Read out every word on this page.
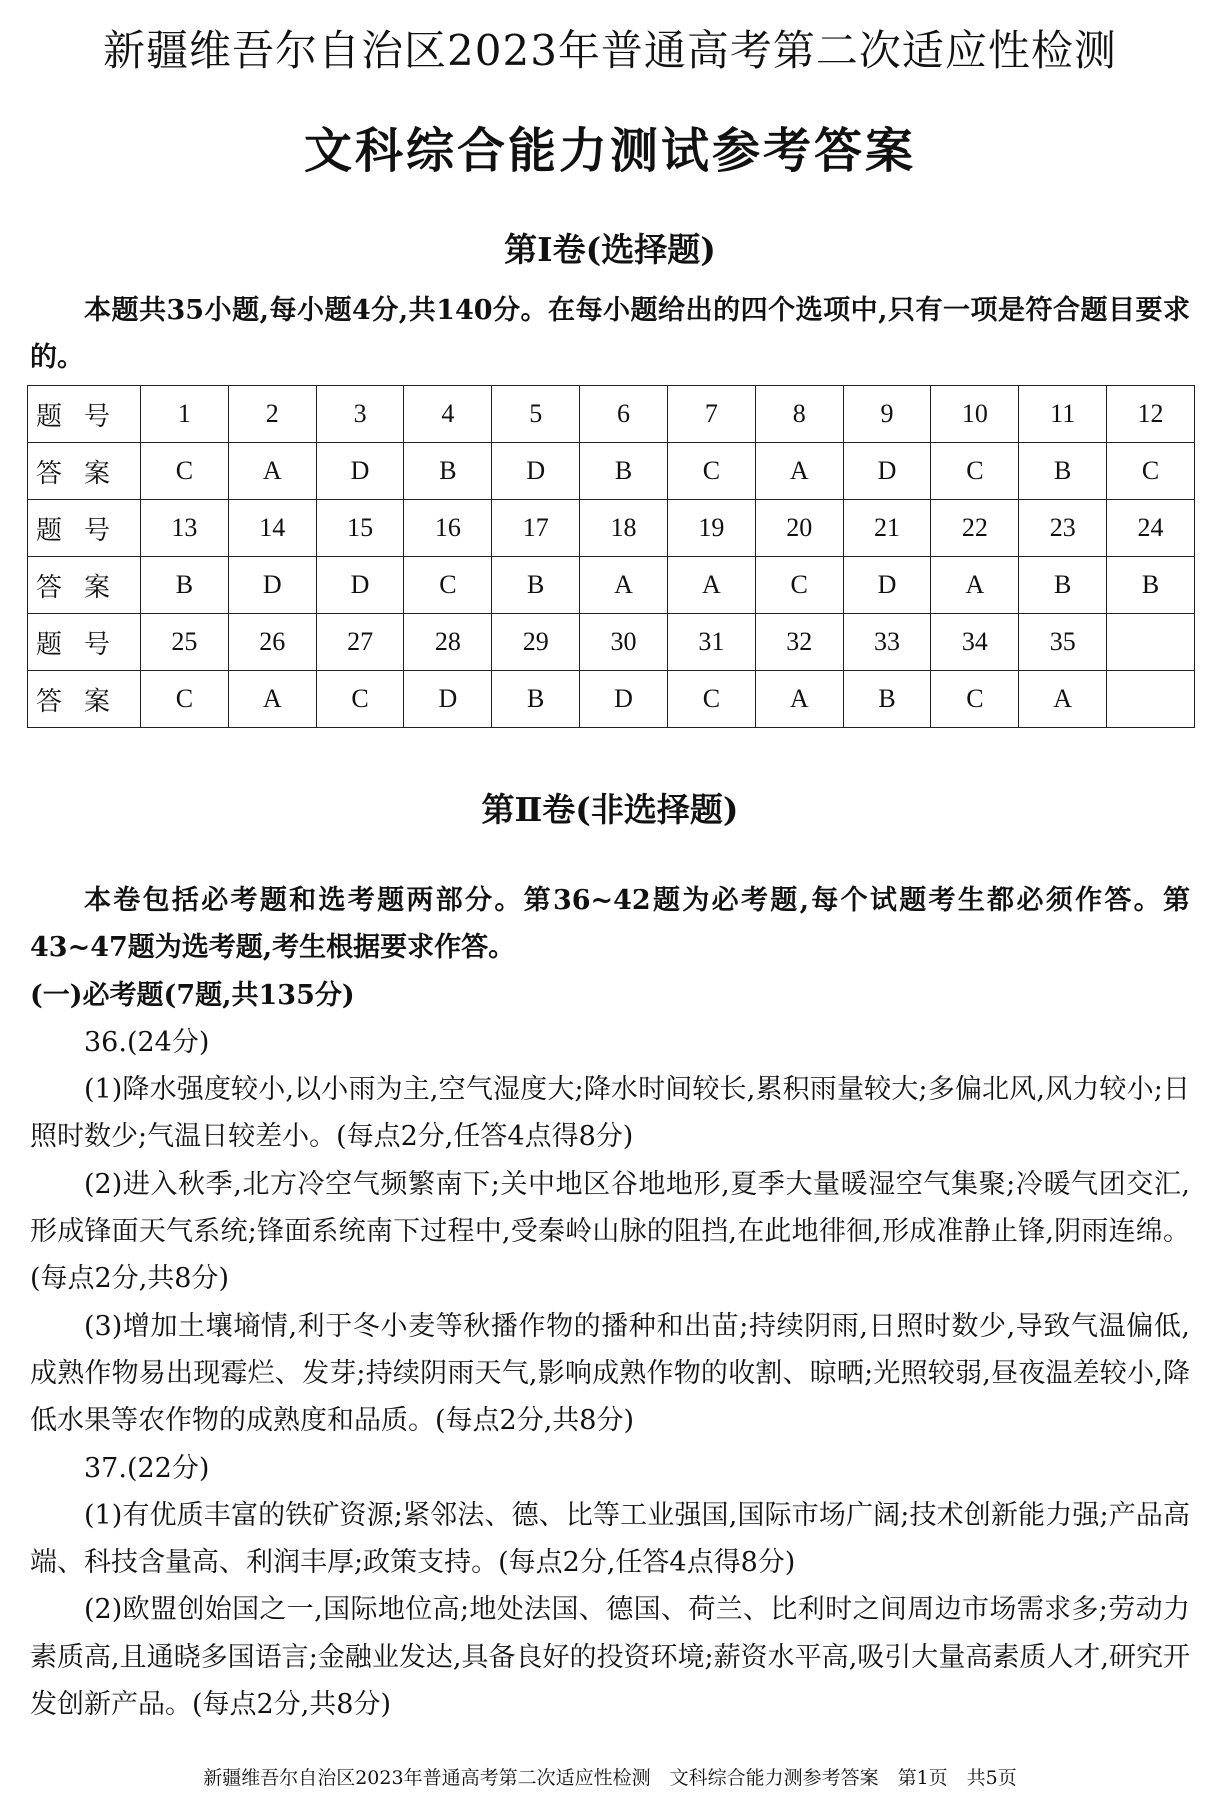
新疆维吾尔自治区2023年普通高考第二次适应性检测
文科综合能力测试参考答案
第Ⅰ卷(选择题)
本题共35小题,每小题4分,共140分。在每小题给出的四个选项中,只有一项是符合题目要求的。
题号	1	2	3	4	5	6	7	8	9	10	11	12
答案	C	A	D	B	D	B	C	A	D	C	B	C
题号	13	14	15	16	17	18	19	20	21	22	23	24
答案	B	D	D	C	B	A	A	C	D	A	B	B
题号	25	26	27	28	29	30	31	32	33	34	35	
答案	C	A	C	D	B	D	C	A	B	C	A	
第Ⅱ卷(非选择题)
本卷包括必考题和选考题两部分。第36~42题为必考题,每个试题考生都必须作答。第43~47题为选考题,考生根据要求作答。
(一)必考题(7题,共135分)
36.(24分)
(1)降水强度较小,以小雨为主,空气湿度大;降水时间较长,累积雨量较大;多偏北风,风力较小;日照时数少;气温日较差小。(每点2分,任答4点得8分)
(2)进入秋季,北方冷空气频繁南下;关中地区谷地地形,夏季大量暖湿空气集聚;冷暖气团交汇,形成锋面天气系统;锋面系统南下过程中,受秦岭山脉的阻挡,在此地徘徊,形成准静止锋,阴雨连绵。(每点2分,共8分)
(3)增加土壤墒情,利于冬小麦等秋播作物的播种和出苗;持续阴雨,日照时数少,导致气温偏低,成熟作物易出现霉烂、发芽;持续阴雨天气,影响成熟作物的收割、晾晒;光照较弱,昼夜温差较小,降低水果等农作物的成熟度和品质。(每点2分,共8分)
37.(22分)
(1)有优质丰富的铁矿资源;紧邻法、德、比等工业强国,国际市场广阔;技术创新能力强;产品高端、科技含量高、利润丰厚;政策支持。(每点2分,任答4点得8分)
(2)欧盟创始国之一,国际地位高;地处法国、德国、荷兰、比利时之间周边市场需求多;劳动力素质高,且通晓多国语言;金融业发达,具备良好的投资环境;薪资水平高,吸引大量高素质人才,研究开发创新产品。(每点2分,共8分)
新疆维吾尔自治区2023年普通高考第二次适应性检测　文科综合能力测参考答案　第1页　共5页
